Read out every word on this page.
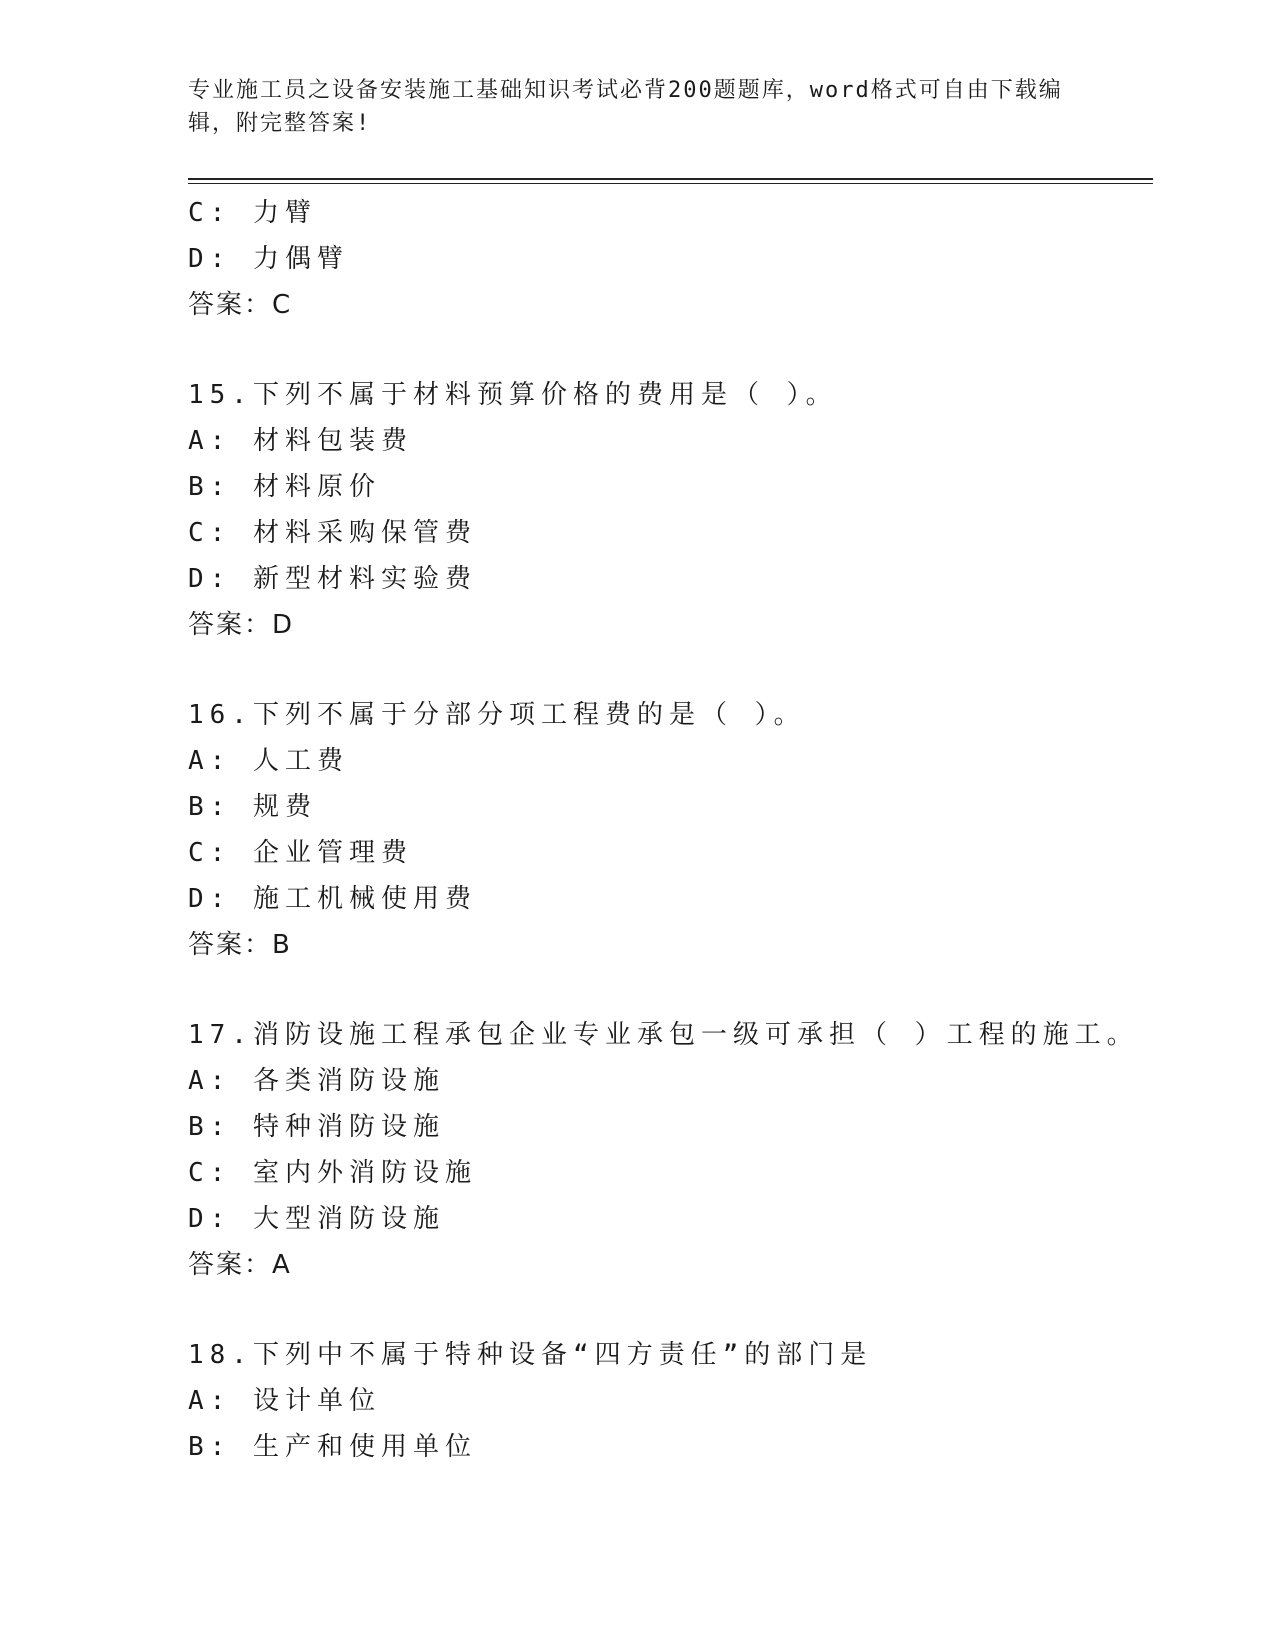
专业施工员之设备安装施工基础知识考试必背200题题库，word格式可自由下载编辑，附完整答案!
C: 力臂
D: 力偶臂
答案：C
15.下列不属于材料预算价格的费用是（ ）。
A: 材料包装费
B: 材料原价
C: 材料采购保管费
D: 新型材料实验费
答案：D
16.下列不属于分部分项工程费的是（ ）。
A: 人工费
B: 规费
C: 企业管理费
D: 施工机械使用费
答案：B
17.消防设施工程承包企业专业承包一级可承担（ ）工程的施工。
A: 各类消防设施
B: 特种消防设施
C: 室内外消防设施
D: 大型消防设施
答案：A
18.下列中不属于特种设备“四方责任”的部门是
A: 设计单位
B: 生产和使用单位
